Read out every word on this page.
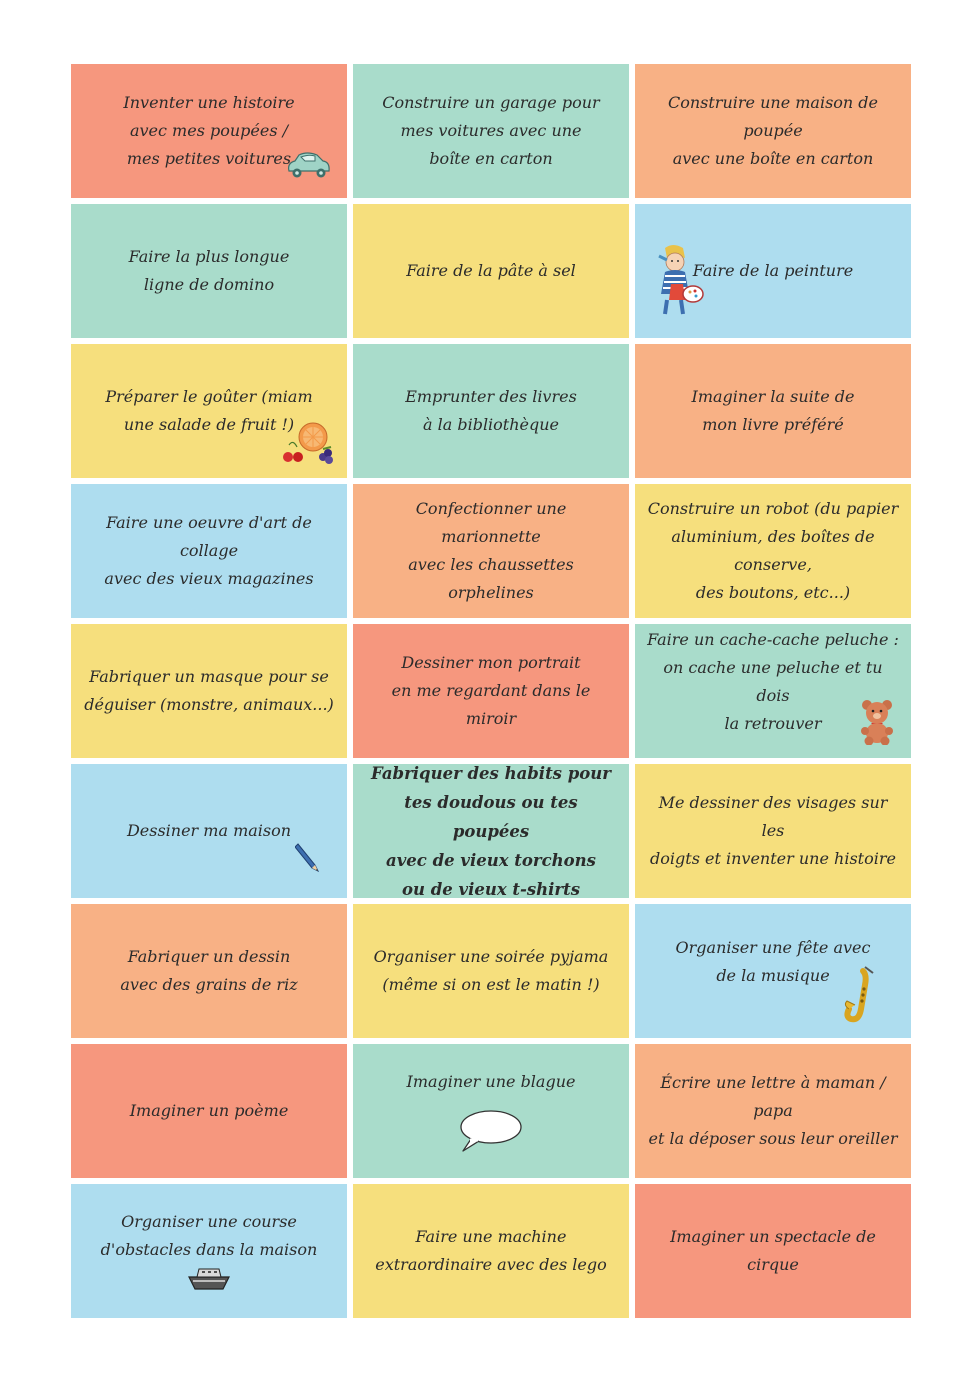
Inventer une histoire
avec mes poupées /
mes petites voitures
Construire un garage pour
mes voitures avec une
boîte en carton
Construire une maison de poupée
avec une boîte en carton
Faire la plus longue
ligne de domino
Faire de la pâte à sel	Faire de la peinture
Préparer le goûter (miam
une salade de fruit !)
Emprunter des livres
à la bibliothèque
Imaginer la suite de
mon livre préféré
Faire une oeuvre d'art de collage
avec des vieux magazines
Confectionner une marionnette
avec les chaussettes orphelines
Construire un robot (du papier
aluminium, des boîtes de conserve,
des boutons, etc...)
Fabriquer un masque pour se
déguiser (monstre, animaux...)
Dessiner mon portrait
en me regardant dans le miroir
Faire un cache-cache peluche :
on cache une peluche et tu dois
la retrouver
Dessiner ma maison
Fabriquer des habits pour
tes doudous ou tes poupées
avec de vieux torchons
ou de vieux t-shirts
Me dessiner des visages sur les
doigts et inventer une histoire
Fabriquer un dessin
avec des grains de riz
Organiser une soirée pyjama
(même si on est le matin !)
Organiser une fête avec
de la musique
Imaginer un poème
Imaginer une blague	Écrire une lettre à maman / papa
et la déposer sous leur oreiller
Organiser une course
d'obstacles dans la maison
Faire une machine
extraordinaire avec des lego
Imaginer un spectacle de cirque
